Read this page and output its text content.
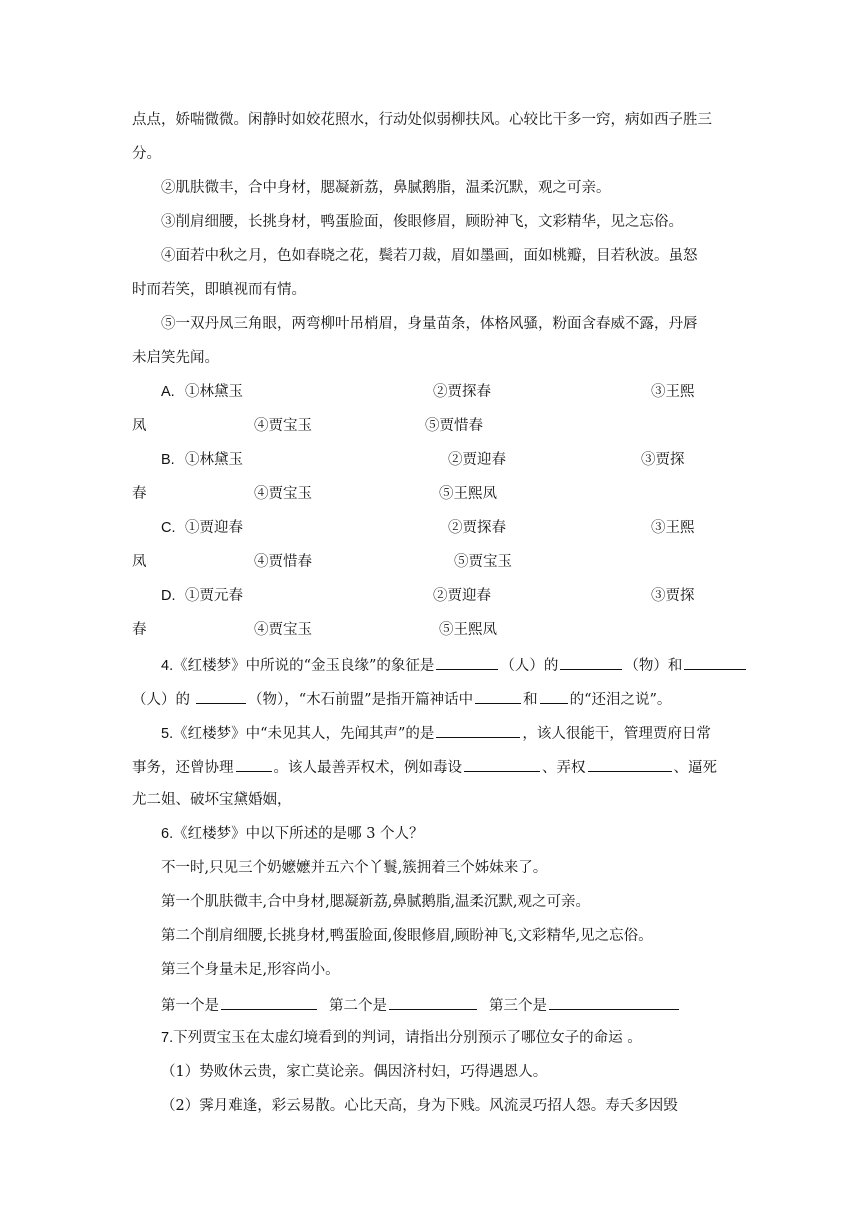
点点，娇喘微微。闲静时如姣花照水，行动处似弱柳扶风。心较比干多一窍，病如西子胜三
分。
②肌肤微丰，合中身材，腮凝新荔，鼻腻鹅脂，温柔沉默，观之可亲。
③削肩细腰，长挑身材，鸭蛋脸面，俊眼修眉，顾盼神飞，文彩精华，见之忘俗。
④面若中秋之月，色如春晓之花，鬓若刀裁，眉如墨画，面如桃瓣，目若秋波。虽怒
时而若笑，即瞋视而有情。
⑤一双丹凤三角眼，两弯柳叶吊梢眉，身量苗条，体格风骚，粉面含春威不露，丹唇
未启笑先闻。
A. ①林黛玉	②贾探春	③王熙
凤	④贾宝玉	⑤贾惜春
B. ①林黛玉	②贾迎春	③贾探
春	④贾宝玉	⑤王熙凤
C. ①贾迎春	②贾探春	③王熙
凤	④贾惜春	⑤贾宝玉
D. ①贾元春	②贾迎春	③贾探
春	④贾宝玉	⑤王熙凤
4.《红楼梦》中所说的“金玉良缘”的象征是	（人）的	（物）和
（人）的	（物），“木石前盟”是指开篇神话中	和 的“还泪之说”。
5.《红楼梦》中“未见其人，先闻其声”的是	，该人很能干，管理贾府日常
事务，还曾协理	。该人最善弄权术，例如毒设	、弄权	、逼死
尤二姐、破坏宝黛婚姻，
6.《红楼梦》中以下所述的是哪 3 个人？
不一时,只见三个奶嬷嬷并五六个丫鬟,簇拥着三个姊妹来了。
第一个肌肤微丰,合中身材,腮凝新荔,鼻腻鹅脂,温柔沉默,观之可亲。
第二个削肩细腰,长挑身材,鸭蛋脸面,俊眼修眉,顾盼神飞,文彩精华,见之忘俗。
第三个身量未足,形容尚小。
第一个是	第二个是	第三个是
7.下列贾宝玉在太虚幻境看到的判词，请指出分别预示了哪位女子的命运 。
（1）势败休云贵，家亡莫论亲。偶因济村妇，巧得遇恩人。
（2）霁月难逢，彩云易散。心比天高，身为下贱。风流灵巧招人怨。寿夭多因毁
